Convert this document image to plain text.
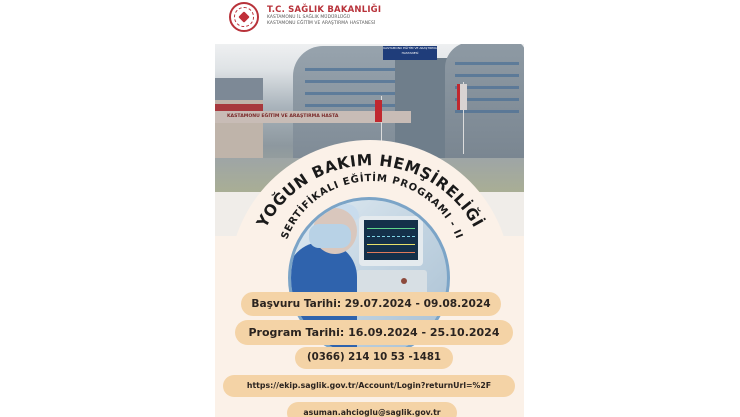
KASTAMONU EĞİTİM VE ARAŞTIRMA HASTANESİ
KASTAMONU EĞİTİM VE ARAŞTIRMA HASTA
T.C. SAĞLIK BAKANLIĞI
KASTAMONU İL SAĞLIK MÜDÜRLÜĞÜ
KASTAMONU EĞİTİM VE ARAŞTIRMA HASTANESİ
YOĞUN BAKIM HEMŞİRELİĞİ
SERTİFİKALI EĞİTİM PROGRAMI - II
Başvuru Tarihi: 29.07.2024 - 09.08.2024
Program Tarihi: 16.09.2024 - 25.10.2024
(0366) 214 10 53 -1481
https://ekip.saglik.gov.tr/Account/Login?returnUrl=%2F
asuman.ahcioglu@saglik.gov.tr
